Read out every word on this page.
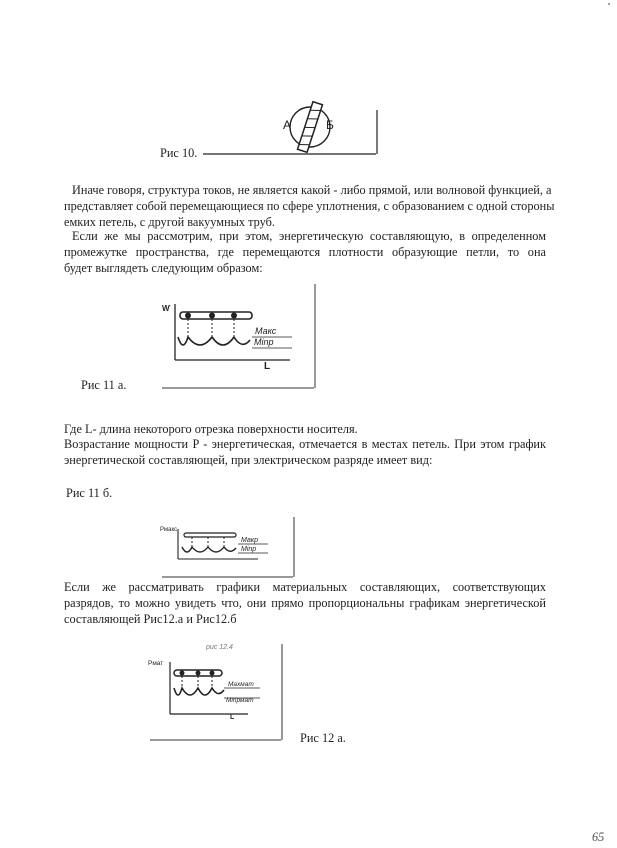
'
А	Б
Рис 10.
Иначе говоря, структура токов, не является какой - либо прямой, или волновой функцией, а
представляет собой перемещающиеся по сфере уплотнения, с образованием с одной стороны
емких петель, с другой вакуумных труб.
Если же мы рассмотрим, при этом, энергетическую составляющую, в определенном
промежутке пространства, где перемещаются плотности образующие петли, то она
будет выглядеть следующим образом:
Ⱳ
Макс
Minр
L
Рис 11 а.
Где L- длина некоторого отрезка поверхности носителя.
Возрастание мощности P - энергетическая, отмечается в местах петель. При этом график
энергетической составляющей, при электрическом разряде имеет вид:
Рис 11 б.
Pмакс
Макр
Minр
Если же рассматривать графики материальных составляющих, соответствующих
разрядов, то можно увидеть что, они прямо пропорциональны графикам энергетической
составляющей Рис12.а и Рис12.б
рис 12.4
Pмат
Maxмат
Minрмат
L
Рис 12 а.
65
